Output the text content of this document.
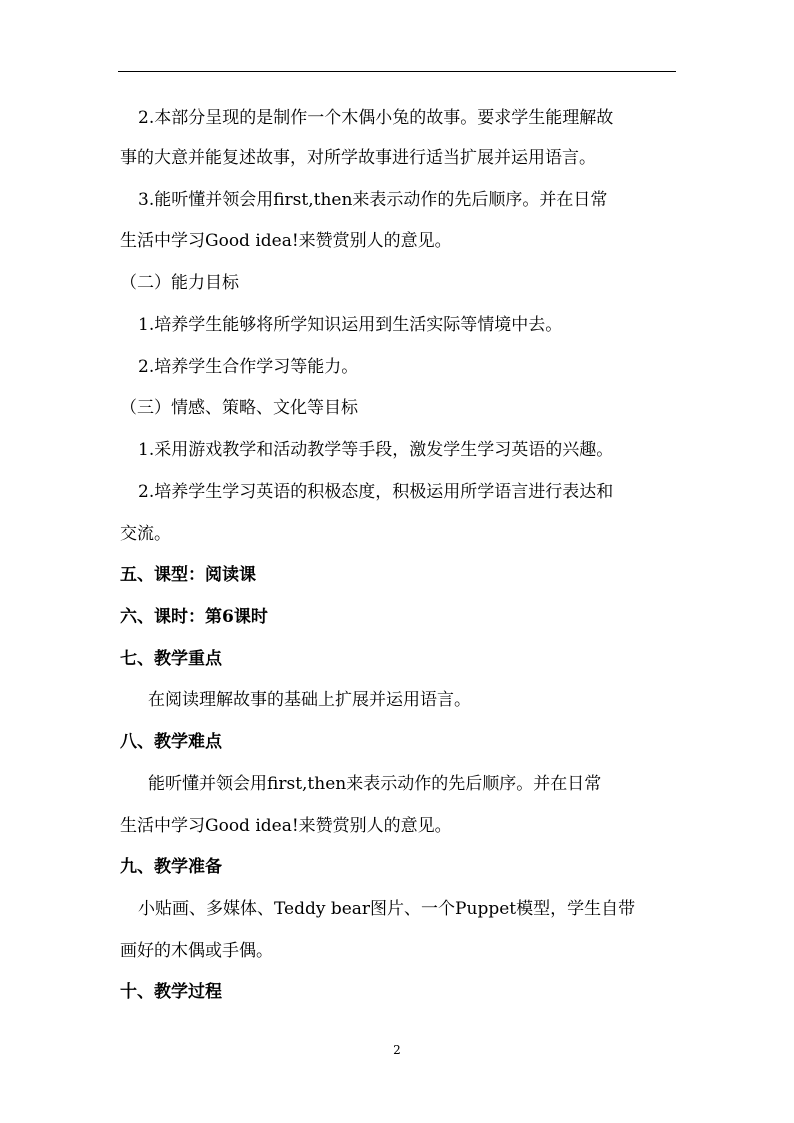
2.本部分呈现的是制作一个木偶小兔的故事。要求学生能理解故
事的大意并能复述故事，对所学故事进行适当扩展并运用语言。
3.能听懂并领会用first,then来表示动作的先后顺序。并在日常
生活中学习Good idea!来赞赏别人的意见。
（二）能力目标
1.培养学生能够将所学知识运用到生活实际等情境中去。
2.培养学生合作学习等能力。
（三）情感、策略、文化等目标
1.采用游戏教学和活动教学等手段，激发学生学习英语的兴趣。
2.培养学生学习英语的积极态度，积极运用所学语言进行表达和
交流。
五、课型：阅读课
六、课时：第6课时
七、教学重点
在阅读理解故事的基础上扩展并运用语言。
八、教学难点
能听懂并领会用first,then来表示动作的先后顺序。并在日常
生活中学习Good idea!来赞赏别人的意见。
九、教学准备
小贴画、多媒体、Teddy bear图片、一个Puppet模型，学生自带
画好的木偶或手偶。
十、教学过程
2
